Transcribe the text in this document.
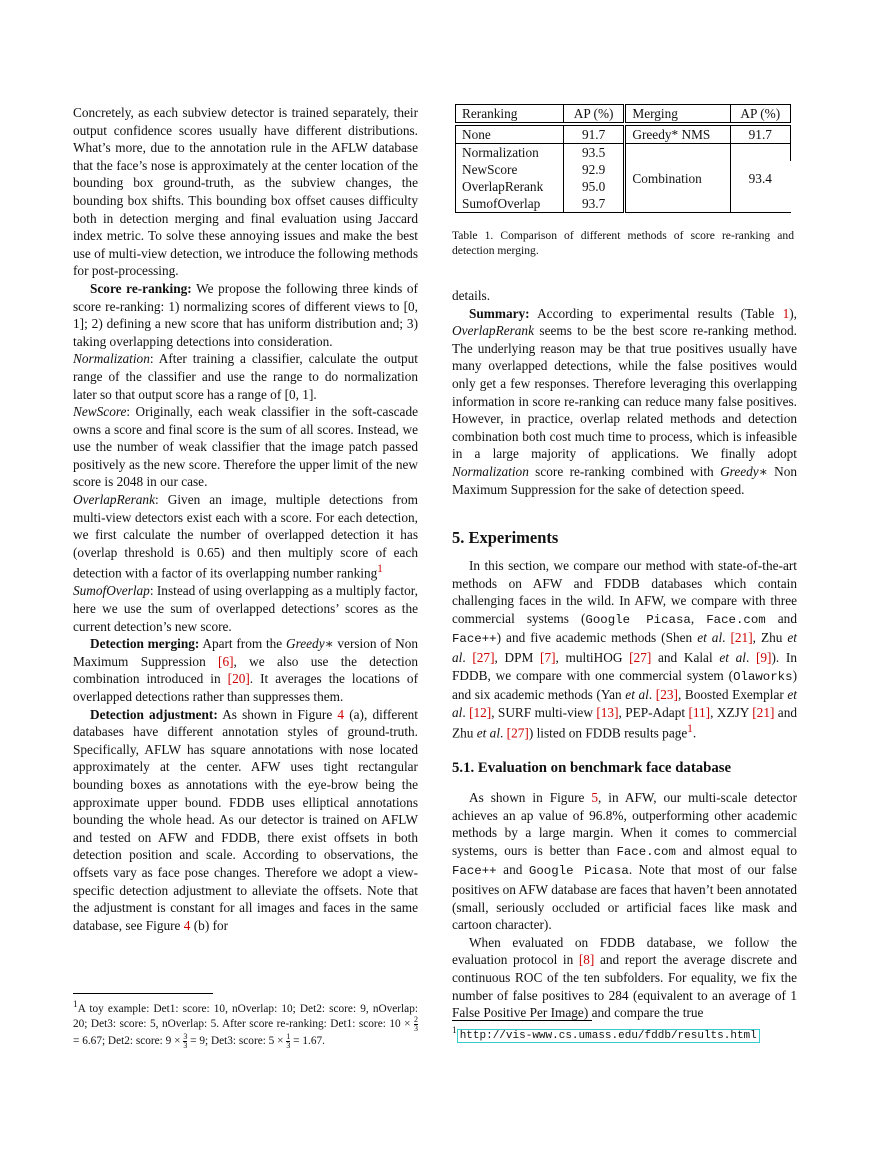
Concretely, as each subview detector is trained separately, their output confidence scores usually have different distributions. What’s more, due to the annotation rule in the AFLW database that the face’s nose is approximately at the center location of the bounding box ground-truth, as the subview changes, the bounding box shifts. This bounding box offset causes difficulty both in detection merging and final evaluation using Jaccard index metric. To solve these annoying issues and make the best use of multi-view detection, we introduce the following methods for post-processing.

Score re-ranking: We propose the following three kinds of score re-ranking: 1) normalizing scores of different views to [0, 1]; 2) defining a new score that has uniform distribution and; 3) taking overlapping detections into consideration.

Normalization: After training a classifier, calculate the output range of the classifier and use the range to do normalization later so that output score has a range of [0, 1].

NewScore: Originally, each weak classifier in the soft-cascade owns a score and final score is the sum of all scores. Instead, we use the number of weak classifier that the image patch passed positively as the new score. Therefore the upper limit of the new score is 2048 in our case.

OverlapRerank: Given an image, multiple detections from multi-view detectors exist each with a score. For each detection, we first calculate the number of overlapped detection it has (overlap threshold is 0.65) and then multiply score of each detection with a factor of its overlapping number ranking$^1$

SumofOverlap: Instead of using overlapping as a multiply factor, here we use the sum of overlapped detections’ scores as the current detection’s new score.

Detection merging: Apart from the Greedy∗ version of Non Maximum Suppression [6], we also use the detection combination introduced in [20]. It averages the locations of overlapped detections rather than suppresses them.

Detection adjustment: As shown in Figure 4 (a), different databases have different annotation styles of ground-truth. Specifically, AFLW has square annotations with nose located approximately at the center. AFW uses tight rectangular bounding boxes as annotations with the eye-brow being the approximate upper bound. FDDB uses elliptical annotations bounding the whole head. As our detector is trained on AFLW and tested on AFW and FDDB, there exist offsets in both detection position and scale. According to observations, the offsets vary as face pose changes. Therefore we adopt a view-specific detection adjustment to alleviate the offsets. Note that the adjustment is constant for all images and faces in the same database, see Figure 4 (b) for

$^1$A toy example: Det1: score: 10, nOverlap: 10; Det2: score: 9, nOverlap: 20; Det3: score: 5, nOverlap: 5. After score re-ranking: Det1: score: $10 \times \frac{2}{3}$
= 6.67; Det2: score: $9 \times \frac{3}{3} = 9$; Det3: score: $5 \times \frac{1}{3} = 1.67$.
Reranking	AP (%)	Merging	AP (%)

None	91.7	Greedy* NMS	91.7
Normalization	93.5	Combination	93.4
NewScore	92.9		
OverlapRerank	95.0		
SumofOverlap	93.7		
Table 1. Comparison of different methods of score re-ranking and detection merging.

details.

Summary: According to experimental results (Table 1), OverlapRerank seems to be the best score re-ranking method. The underlying reason may be that true positives usually have many overlapped detections, while the false positives would only get a few responses. Therefore leveraging this overlapping information in score re-ranking can reduce many false positives. However, in practice, overlap related methods and detection combination both cost much time to process, which is infeasible in a large majority of applications. We finally adopt Normalization score re-ranking combined with Greedy∗ Non Maximum Suppression for the sake of detection speed.

5. Experiments

In this section, we compare our method with state-of-the-art methods on AFW and FDDB databases which contain challenging faces in the wild. In AFW, we compare with three commercial systems (Google Picasa, Face.com and Face++) and five academic methods (Shen et al. [21], Zhu et al. [27], DPM [7], multiHOG [27] and Kalal et al. [9]). In FDDB, we compare with one commercial system (Olaworks) and six academic methods (Yan et al. [23], Boosted Exemplar et al. [12], SURF multi-view [13], PEP-Adapt [11], XZJY [21] and Zhu et al. [27]) listed on FDDB results page$^1$.

5.1. Evaluation on benchmark face database

As shown in Figure 5, in AFW, our multi-scale detector achieves an ap value of 96.8%, outperforming other academic methods by a large margin. When it comes to commercial systems, ours is better than Face.com and almost equal to Face++ and Google Picasa. Note that most of our false positives on AFW database are faces that haven’t been annotated (small, seriously occluded or artificial faces like mask and cartoon character).

When evaluated on FDDB database, we follow the evaluation protocol in [8] and report the average discrete and continuous ROC of the ten subfolders. For equality, we fix the number of false positives to 284 (equivalent to an average of 1 False Positive Per Image) and compare the true

$^1$ http://vis-www.cs.umass.edu/fddb/results.html
